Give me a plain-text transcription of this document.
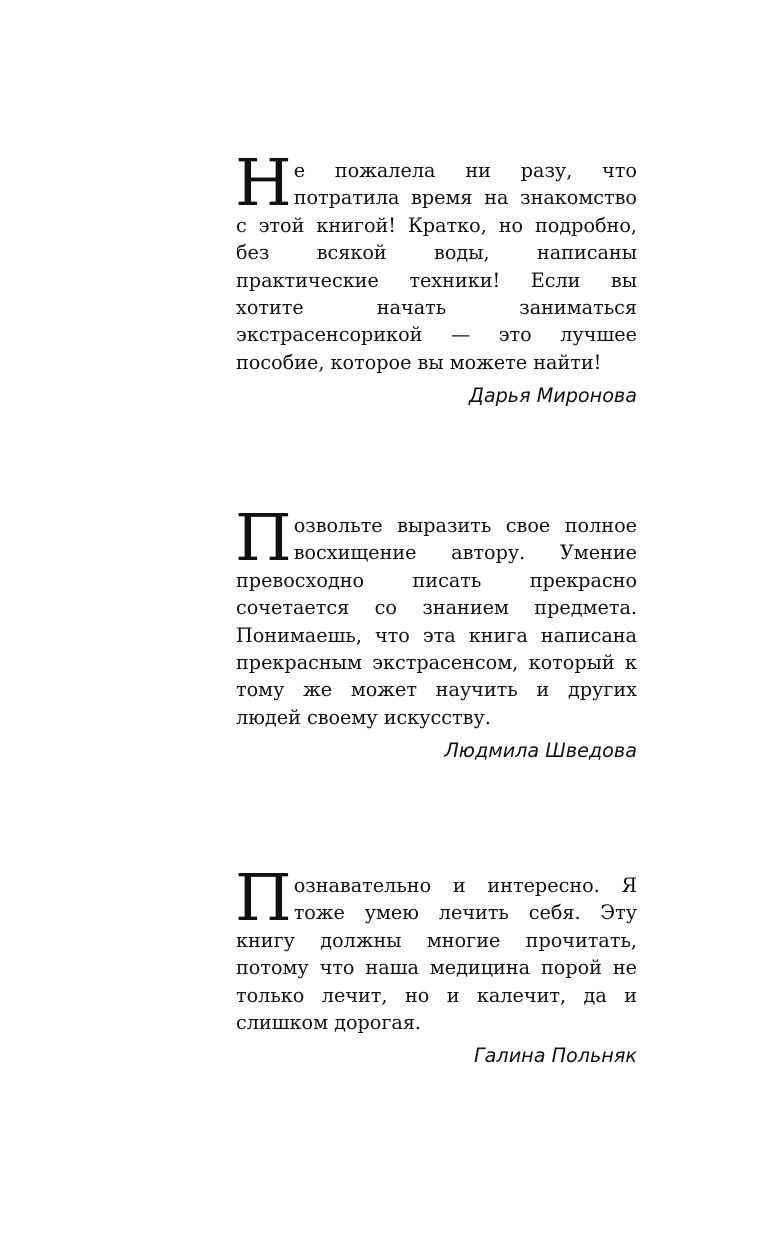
Н е пожалела ни разу, что потратила время на знакомство с этой книгой! Кратко, но подробно, без всякой воды, написаны практические техники! Если вы хотите начать заниматься экстрасенсорикой — это лучшее пособие, которое вы можете найти!

Дарья Миронова

П озвольте выразить свое полное восхищение автору. Умение превосходно писать прекрасно сочетается со знанием предмета. Понимаешь, что эта книга написана прекрасным экстрасенсом, который к тому же может научить и других людей своему искусству.

Людмила Шведова

П ознавательно и интересно. Я тоже умею лечить себя. Эту книгу должны многие прочитать, потому что наша медицина порой не только лечит, но и калечит, да и слишком дорогая.

Галина Польняк
